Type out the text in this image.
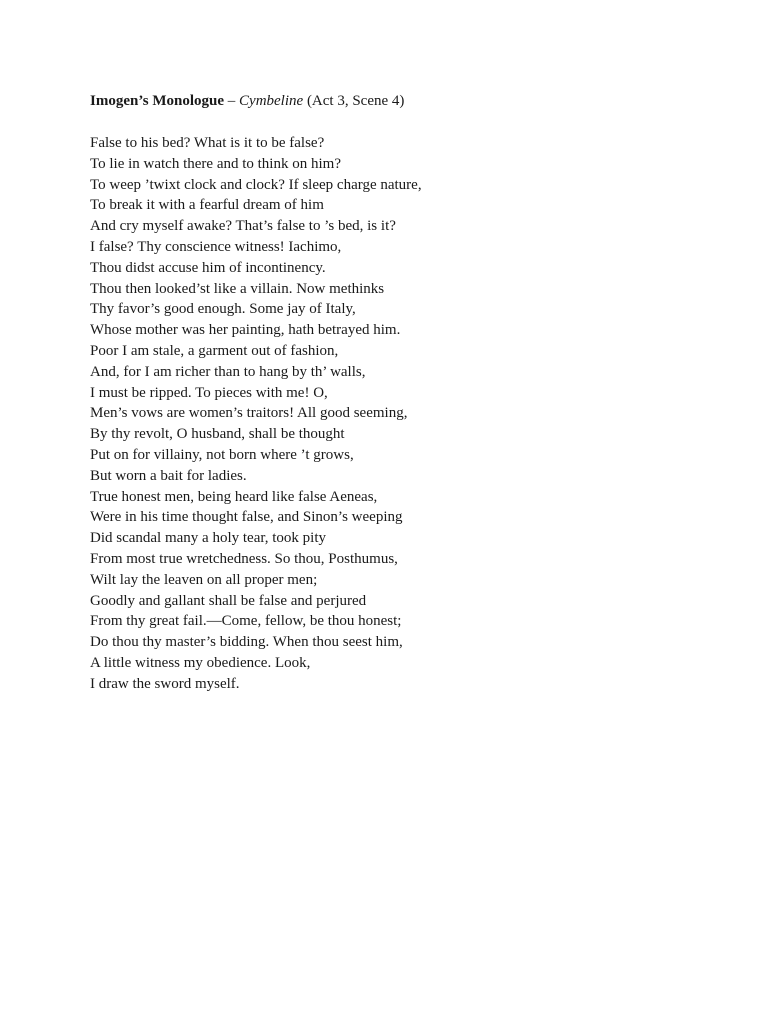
Imogen’s Monologue – Cymbeline (Act 3, Scene 4)

False to his bed? What is it to be false?
To lie in watch there and to think on him?
To weep ’twixt clock and clock? If sleep charge nature,
To break it with a fearful dream of him
And cry myself awake? That’s false to ’s bed, is it?
I false? Thy conscience witness! Iachimo,
Thou didst accuse him of incontinency.
Thou then looked’st like a villain. Now methinks
Thy favor’s good enough. Some jay of Italy,
Whose mother was her painting, hath betrayed him.
Poor I am stale, a garment out of fashion,
And, for I am richer than to hang by th’ walls,
I must be ripped. To pieces with me! O,
Men’s vows are women’s traitors! All good seeming,
By thy revolt, O husband, shall be thought
Put on for villainy, not born where ’t grows,
But worn a bait for ladies.
True honest men, being heard like false Aeneas,
Were in his time thought false, and Sinon’s weeping
Did scandal many a holy tear, took pity
From most true wretchedness. So thou, Posthumus,
Wilt lay the leaven on all proper men;
Goodly and gallant shall be false and perjured
From thy great fail.—Come, fellow, be thou honest;
Do thou thy master’s bidding. When thou seest him,
A little witness my obedience. Look,
I draw the sword myself.
